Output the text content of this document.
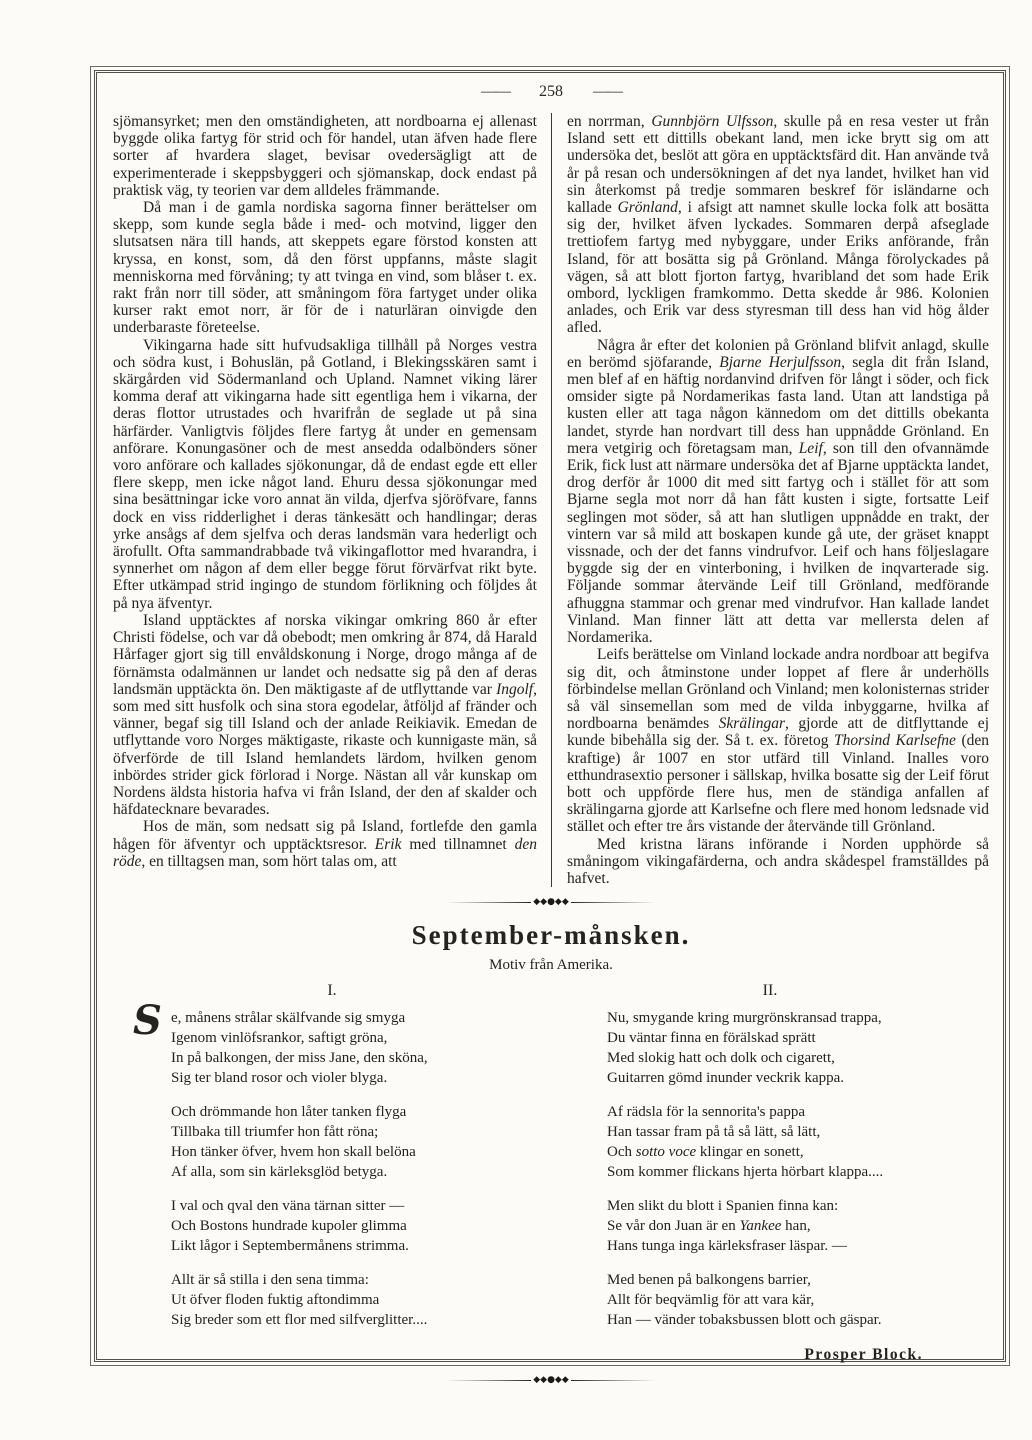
—— 258 ——

sjömansyrket; men den omständigheten, att nordboarna ej allenast byggde olika fartyg för strid och för handel, utan äfven hade flere sorter af hvardera slaget, bevisar ovedersägligt att de experimenterade i skeppsbyggeri och sjömanskap, dock endast på praktisk väg, ty teorien var dem alldeles främmande.

Då man i de gamla nordiska sagorna finner berättelser om skepp, som kunde segla både i med- och motvind, ligger den slutsatsen nära till hands, att skeppets egare förstod konsten att kryssa, en konst, som, då den först uppfanns, måste slagit menniskorna med förvåning; ty att tvinga en vind, som blåser t. ex. rakt från norr till söder, att småningom föra fartyget under olika kurser rakt emot norr, är för de i naturläran oinvigde den underbaraste företeelse.

Vikingarna hade sitt hufvudsakliga tillhåll på Norges vestra och södra kust, i Bohuslän, på Gotland, i Blekingsskären samt i skärgården vid Södermanland och Upland. Namnet viking lärer komma deraf att vikingarna hade sitt egentliga hem i vikarna, der deras flottor utrustades och hvarifrån de seglade ut på sina härfärder. Vanligtvis följdes flere fartyg åt under en gemensam anförare. Konungasöner och de mest ansedda odalbönders söner voro anförare och kallades sjökonungar, då de endast egde ett eller flere skepp, men icke något land. Ehuru dessa sjökonungar med sina besättningar icke voro annat än vilda, djerfva sjöröfvare, fanns dock en viss ridderlighet i deras tänkesätt och handlingar; deras yrke ansågs af dem sjelfva och deras landsmän vara hederligt och ärofullt. Ofta sammandrabbade två vikingaflottor med hvarandra, i synnerhet om någon af dem eller begge förut förvärfvat rikt byte. Efter utkämpad strid ingingo de stundom förlikning och följdes åt på nya äfventyr.

Island upptäcktes af norska vikingar omkring 860 år efter Christi födelse, och var då obebodt; men omkring år 874, då Harald Hårfager gjort sig till envåldskonung i Norge, drogo många af de förnämsta odalmännen ur landet och nedsatte sig på den af deras landsmän upptäckta ön. Den mäktigaste af de utflyttande var Ingolf, som med sitt husfolk och sina stora egodelar, åtföljd af fränder och vänner, begaf sig till Island och der anlade Reikiavik. Emedan de utflyttande voro Norges mäktigaste, rikaste och kunnigaste män, så öfverförde de till Island hemlandets lärdom, hvilken genom inbördes strider gick förlorad i Norge. Nästan all vår kunskap om Nordens äldsta historia hafva vi från Island, der den af skalder och häfdatecknare bevarades.

Hos de män, som nedsatt sig på Island, fortlefde den gamla hågen för äfventyr och upptäcktsresor. Erik med tillnamnet den röde, en tilltagsen man, som hört talas om, att

en norrman, Gunnbjörn Ulfsson, skulle på en resa vester ut från Island sett ett dittills obekant land, men icke brytt sig om att undersöka det, beslöt att göra en upptäcktsfärd dit. Han använde två år på resan och undersökningen af det nya landet, hvilket han vid sin återkomst på tredje sommaren beskref för isländarne och kallade Grönland, i afsigt att namnet skulle locka folk att bosätta sig der, hvilket äfven lyckades. Sommaren derpå afseglade trettiofem fartyg med nybyggare, under Eriks anförande, från Island, för att bosätta sig på Grönland. Många förolyckades på vägen, så att blott fjorton fartyg, hvaribland det som hade Erik ombord, lyckligen framkommo. Detta skedde år 986. Kolonien anlades, och Erik var dess styresman till dess han vid hög ålder afled.

Några år efter det kolonien på Grönland blifvit anlagd, skulle en berömd sjöfarande, Bjarne Herjulfsson, segla dit från Island, men blef af en häftig nordanvind drifven för långt i söder, och fick omsider sigte på Nordamerikas fasta land. Utan att landstiga på kusten eller att taga någon kännedom om det dittills obekanta landet, styrde han nordvart till dess han uppnådde Grönland. En mera vetgirig och företagsam man, Leif, son till den ofvannämde Erik, fick lust att närmare undersöka det af Bjarne upptäckta landet, drog derför år 1000 dit med sitt fartyg och i stället för att som Bjarne segla mot norr då han fått kusten i sigte, fortsatte Leif seglingen mot söder, så att han slutligen uppnådde en trakt, der vintern var så mild att boskapen kunde gå ute, der gräset knappt vissnade, och der det fanns vindrufvor. Leif och hans följeslagare byggde sig der en vinterboning, i hvilken de inqvarterade sig. Följande sommar återvände Leif till Grönland, medförande afhuggna stammar och grenar med vindrufvor. Han kallade landet Vinland. Man finner lätt att detta var mellersta delen af Nordamerika.

Leifs berättelse om Vinland lockade andra nordboar att begifva sig dit, och åtminstone under loppet af flere år underhölls förbindelse mellan Grönland och Vinland; men kolonisternas strider så väl sinsemellan som med de vilda inbyggarne, hvilka af nordboarna benämdes Skrälingar, gjorde att de ditflyttande ej kunde bibehålla sig der. Så t. ex. företog Thorsind Karlsefne (den kraftige) år 1007 en stor utfärd till Vinland. Inalles voro etthundrasextio personer i sällskap, hvilka bosatte sig der Leif förut bott och uppförde flere hus, men de ständiga anfallen af skrälingarna gjorde att Karlsefne och flere med honom ledsnade vid stället och efter tre års vistande der återvände till Grönland.

Med kristna lärans införande i Norden upphörde så småningom vikingafärderna, och andra skådespel framställdes på hafvet.

◆◆●◆◆
September-månsken.
Motiv från Amerika.
I.
S e, månens strålar skälfvande sig smyga
Igenom vinlöfsrankor, saftigt gröna,
In på balkongen, der miss Jane, den sköna,
Sig ter bland rosor och violer blyga.
Och drömmande hon låter tanken flyga
Tillbaka till triumfer hon fått röna;
Hon tänker öfver, hvem hon skall belöna
Af alla, som sin kärleksglöd betyga.
I val och qval den väna tärnan sitter —
Och Bostons hundrade kupoler glimma
Likt lågor i Septembermånens strimma.
Allt är så stilla i den sena timma:
Ut öfver floden fuktig aftondimma
Sig breder som ett flor med silfverglitter....
II.
Nu, smygande kring murgrönskransad trappa,
Du väntar finna en förälskad sprätt
Med slokig hatt och dolk och cigarett,
Guitarren gömd inunder veckrik kappa.
Af rädsla för la sennorita's pappa
Han tassar fram på tå så lätt, så lätt,
Och sotto voce klingar en sonett,
Som kommer flickans hjerta hörbart klappa....
Men slikt du blott i Spanien finna kan:
Se vår don Juan är en Yankee han,
Hans tunga inga kärleksfraser läspar. —
Med benen på balkongens barrier,
Allt för beqvämlig för att vara kär,
Han — vänder tobaksbussen blott och gäspar.
Prosper Block.
◆◆●◆◆
